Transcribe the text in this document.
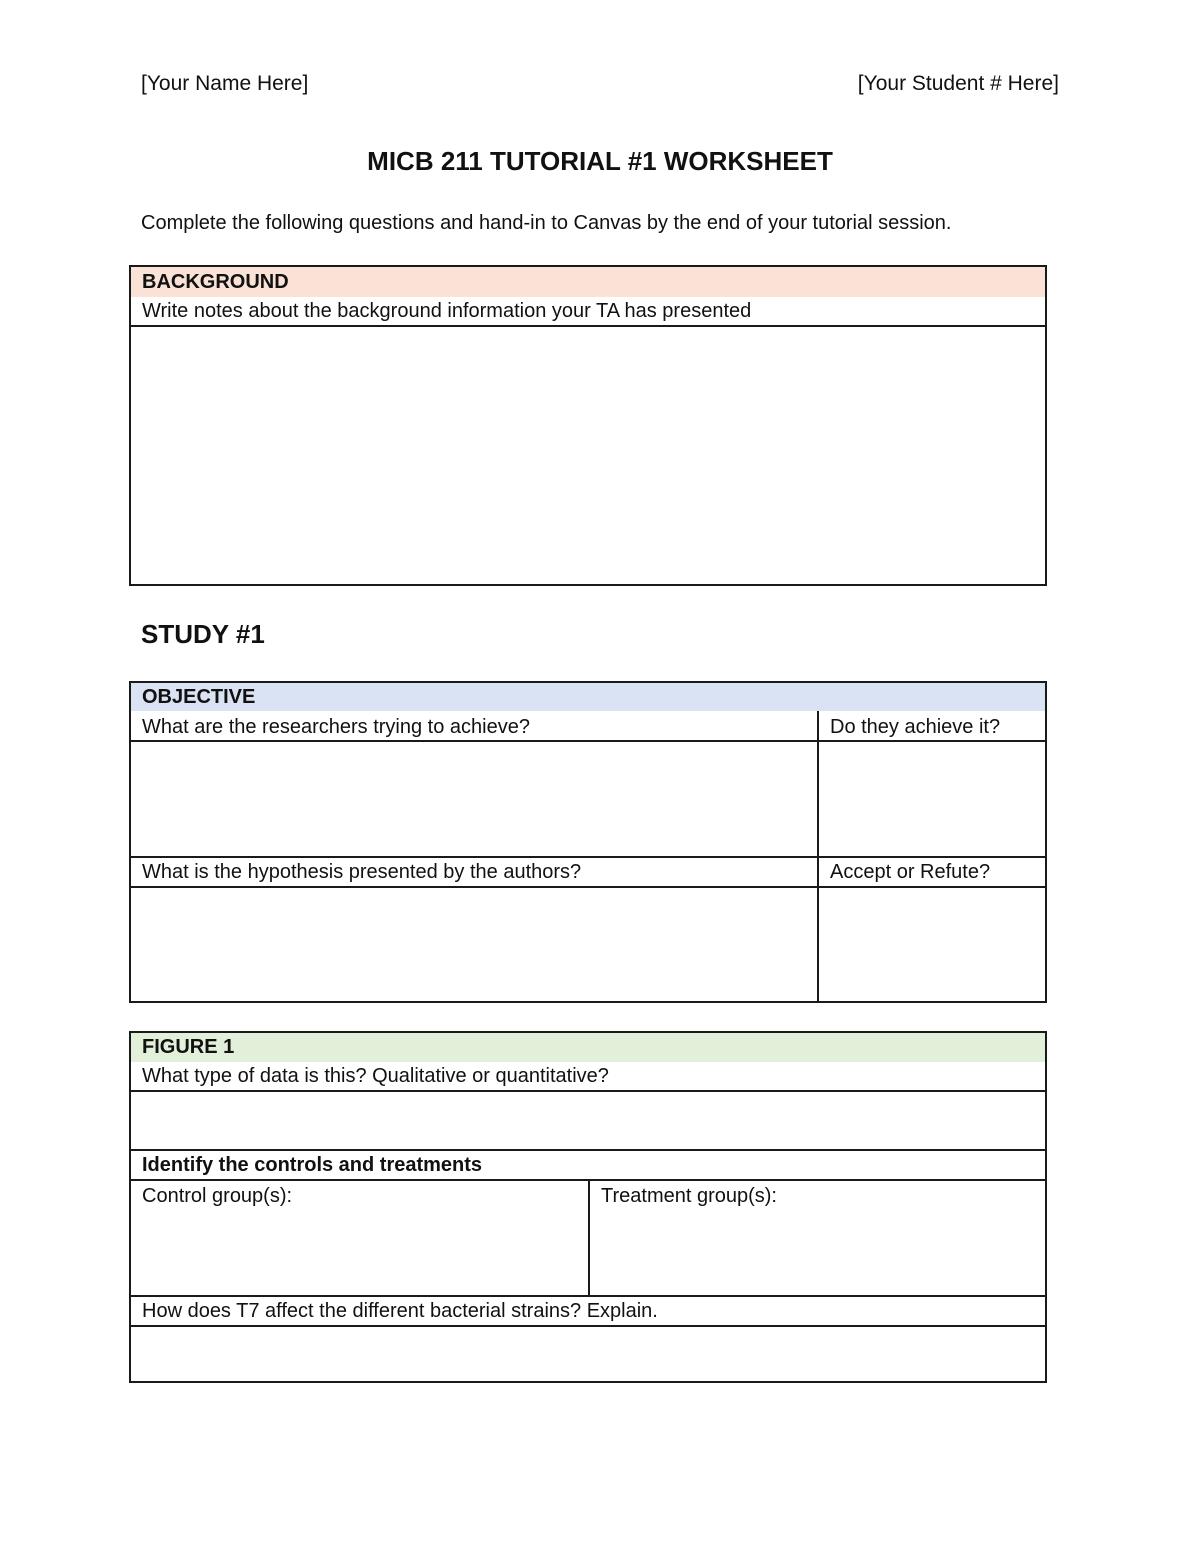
[Your Name Here]	[Your Student # Here]
MICB 211 TUTORIAL #1 WORKSHEET
Complete the following questions and hand-in to Canvas by the end of your tutorial session.
BACKGROUND
Write notes about the background information your TA has presented
STUDY #1
OBJECTIVE
What are the researchers trying to achieve?	Do they achieve it?
What is the hypothesis presented by the authors?	Accept or Refute?
FIGURE 1
What type of data is this? Qualitative or quantitative?
Identify the controls and treatments
Control group(s):	Treatment group(s):
How does T7 affect the different bacterial strains? Explain.
